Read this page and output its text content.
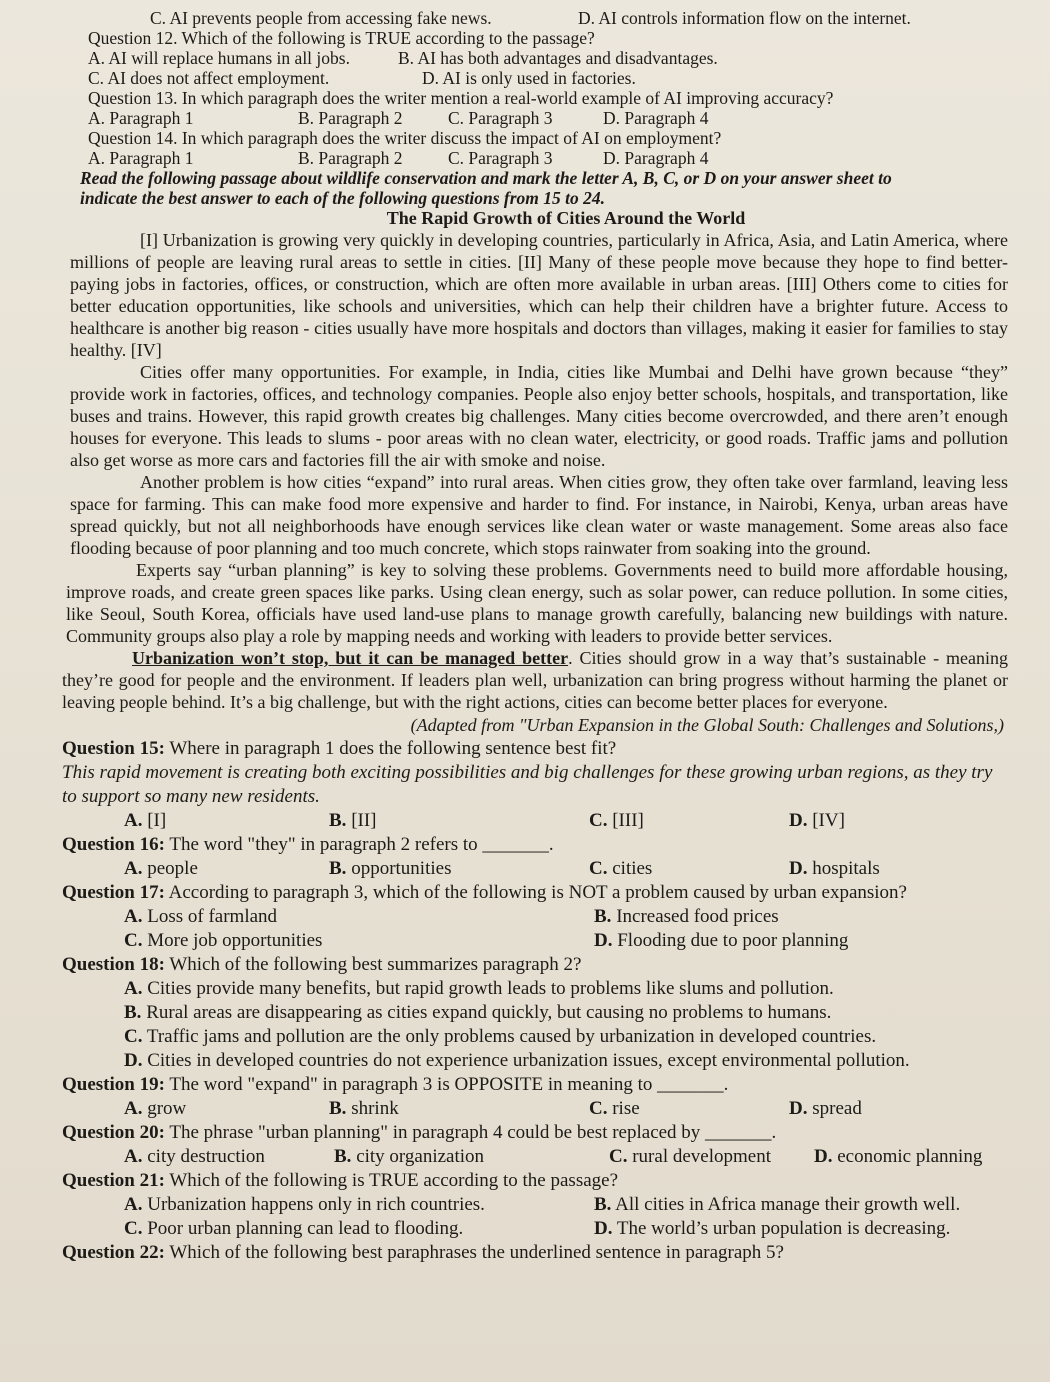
C. AI prevents people from accessing fake news.	D. AI controls information flow on the internet.
Question 12. Which of the following is TRUE according to the passage?
A. AI will replace humans in all jobs.	B. AI has both advantages and disadvantages.
C. AI does not affect employment.	D. AI is only used in factories.
Question 13. In which paragraph does the writer mention a real-world example of AI improving accuracy?
A. Paragraph 1	B. Paragraph 2	C. Paragraph 3	D. Paragraph 4
Question 14. In which paragraph does the writer discuss the impact of AI on employment?
A. Paragraph 1	B. Paragraph 2	C. Paragraph 3	D. Paragraph 4
Read the following passage about wildlife conservation and mark the letter A, B, C, or D on your answer sheet to
indicate the best answer to each of the following questions from 15 to 24.
The Rapid Growth of Cities Around the World
[I] Urbanization is growing very quickly in developing countries, particularly in Africa, Asia, and Latin America, where millions of people are leaving rural areas to settle in cities. [II] Many of these people move because they hope to find better-paying jobs in factories, offices, or construction, which are often more available in urban areas. [III] Others come to cities for better education opportunities, like schools and universities, which can help their children have a brighter future. Access to healthcare is another big reason - cities usually have more hospitals and doctors than villages, making it easier for families to stay healthy. [IV]
Cities offer many opportunities. For example, in India, cities like Mumbai and Delhi have grown because “they” provide work in factories, offices, and technology companies. People also enjoy better schools, hospitals, and transportation, like buses and trains. However, this rapid growth creates big challenges. Many cities become overcrowded, and there aren’t enough houses for everyone. This leads to slums - poor areas with no clean water, electricity, or good roads. Traffic jams and pollution also get worse as more cars and factories fill the air with smoke and noise.
Another problem is how cities “expand” into rural areas. When cities grow, they often take over farmland, leaving less space for farming. This can make food more expensive and harder to find. For instance, in Nairobi, Kenya, urban areas have spread quickly, but not all neighborhoods have enough services like clean water or waste management. Some areas also face flooding because of poor planning and too much concrete, which stops rainwater from soaking into the ground.
Experts say “urban planning” is key to solving these problems. Governments need to build more affordable housing, improve roads, and create green spaces like parks. Using clean energy, such as solar power, can reduce pollution. In some cities, like Seoul, South Korea, officials have used land-use plans to manage growth carefully, balancing new buildings with nature. Community groups also play a role by mapping needs and working with leaders to provide better services.
Urbanization won’t stop, but it can be managed better. Cities should grow in a way that’s sustainable - meaning they’re good for people and the environment. If leaders plan well, urbanization can bring progress without harming the planet or leaving people behind. It’s a big challenge, but with the right actions, cities can become better places for everyone.
(Adapted from "Urban Expansion in the Global South: Challenges and Solutions,)
Question 15: Where in paragraph 1 does the following sentence best fit?
This rapid movement is creating both exciting possibilities and big challenges for these growing urban regions, as they try to support so many new residents.
A. [I]	B. [II]	C. [III]	D. [IV]
Question 16: The word "they" in paragraph 2 refers to _______.
A. people	B. opportunities	C. cities	D. hospitals
Question 17: According to paragraph 3, which of the following is NOT a problem caused by urban expansion?
A. Loss of farmland	B. Increased food prices
C. More job opportunities	D. Flooding due to poor planning
Question 18: Which of the following best summarizes paragraph 2?
A. Cities provide many benefits, but rapid growth leads to problems like slums and pollution.
B. Rural areas are disappearing as cities expand quickly, but causing no problems to humans.
C. Traffic jams and pollution are the only problems caused by urbanization in developed countries.
D. Cities in developed countries do not experience urbanization issues, except environmental pollution.
Question 19: The word "expand" in paragraph 3 is OPPOSITE in meaning to _______.
A. grow	B. shrink	C. rise	D. spread
Question 20: The phrase "urban planning" in paragraph 4 could be best replaced by _______.
A. city destruction	B. city organization	C. rural development	D. economic planning
Question 21: Which of the following is TRUE according to the passage?
A. Urbanization happens only in rich countries.	B. All cities in Africa manage their growth well.
C. Poor urban planning can lead to flooding.	D. The world’s urban population is decreasing.
Question 22: Which of the following best paraphrases the underlined sentence in paragraph 5?
